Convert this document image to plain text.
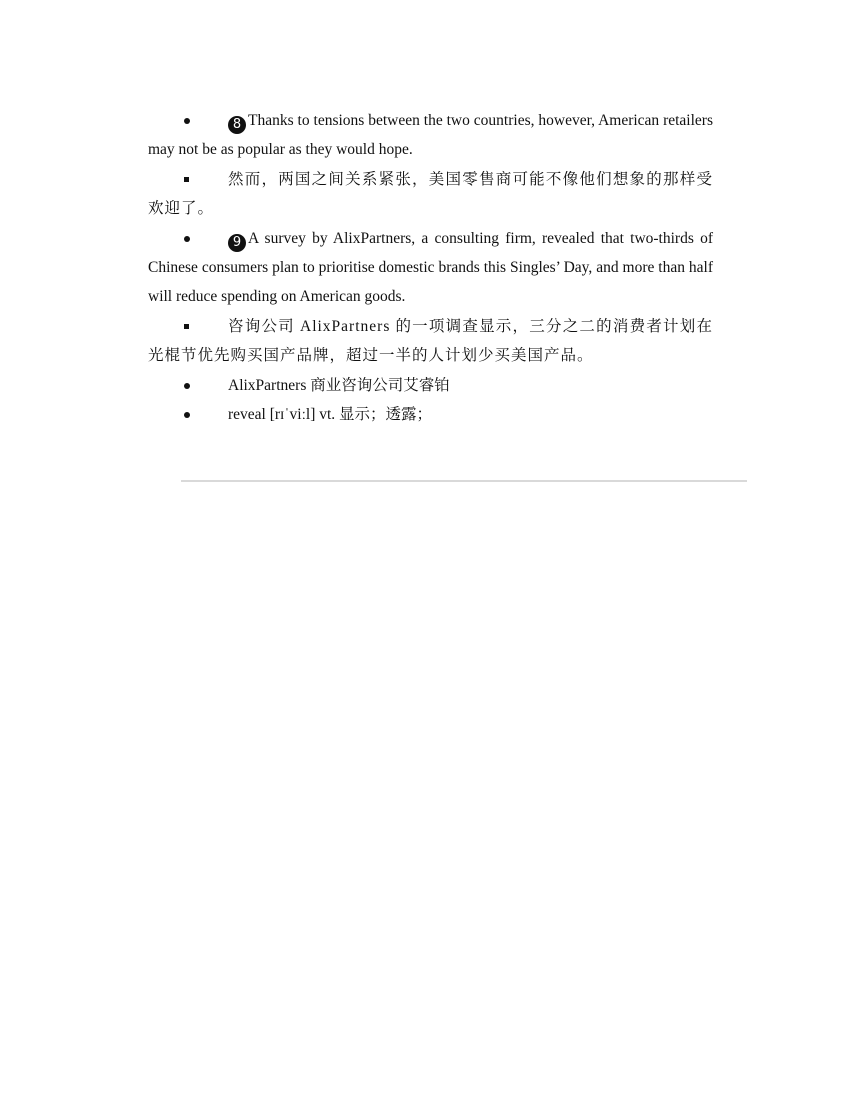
8 Thanks to tensions between the two countries, however, American retailers may not be as popular as they would hope.

然而，两国之间关系紧张，美国零售商可能不像他们想象的那样受欢迎了。

9 A survey by AlixPartners, a consulting firm, revealed that two-thirds of Chinese consumers plan to prioritise domestic brands this Singles’ Day, and more than half will reduce spending on American goods.

咨询公司 AlixPartners 的一项调查显示，三分之二的消费者计划在光棍节优先购买国产品牌，超过一半的人计划少买美国产品。

AlixPartners 商业咨询公司艾睿铂

reveal [rɪˈviːl] vt. 显示；透露；
